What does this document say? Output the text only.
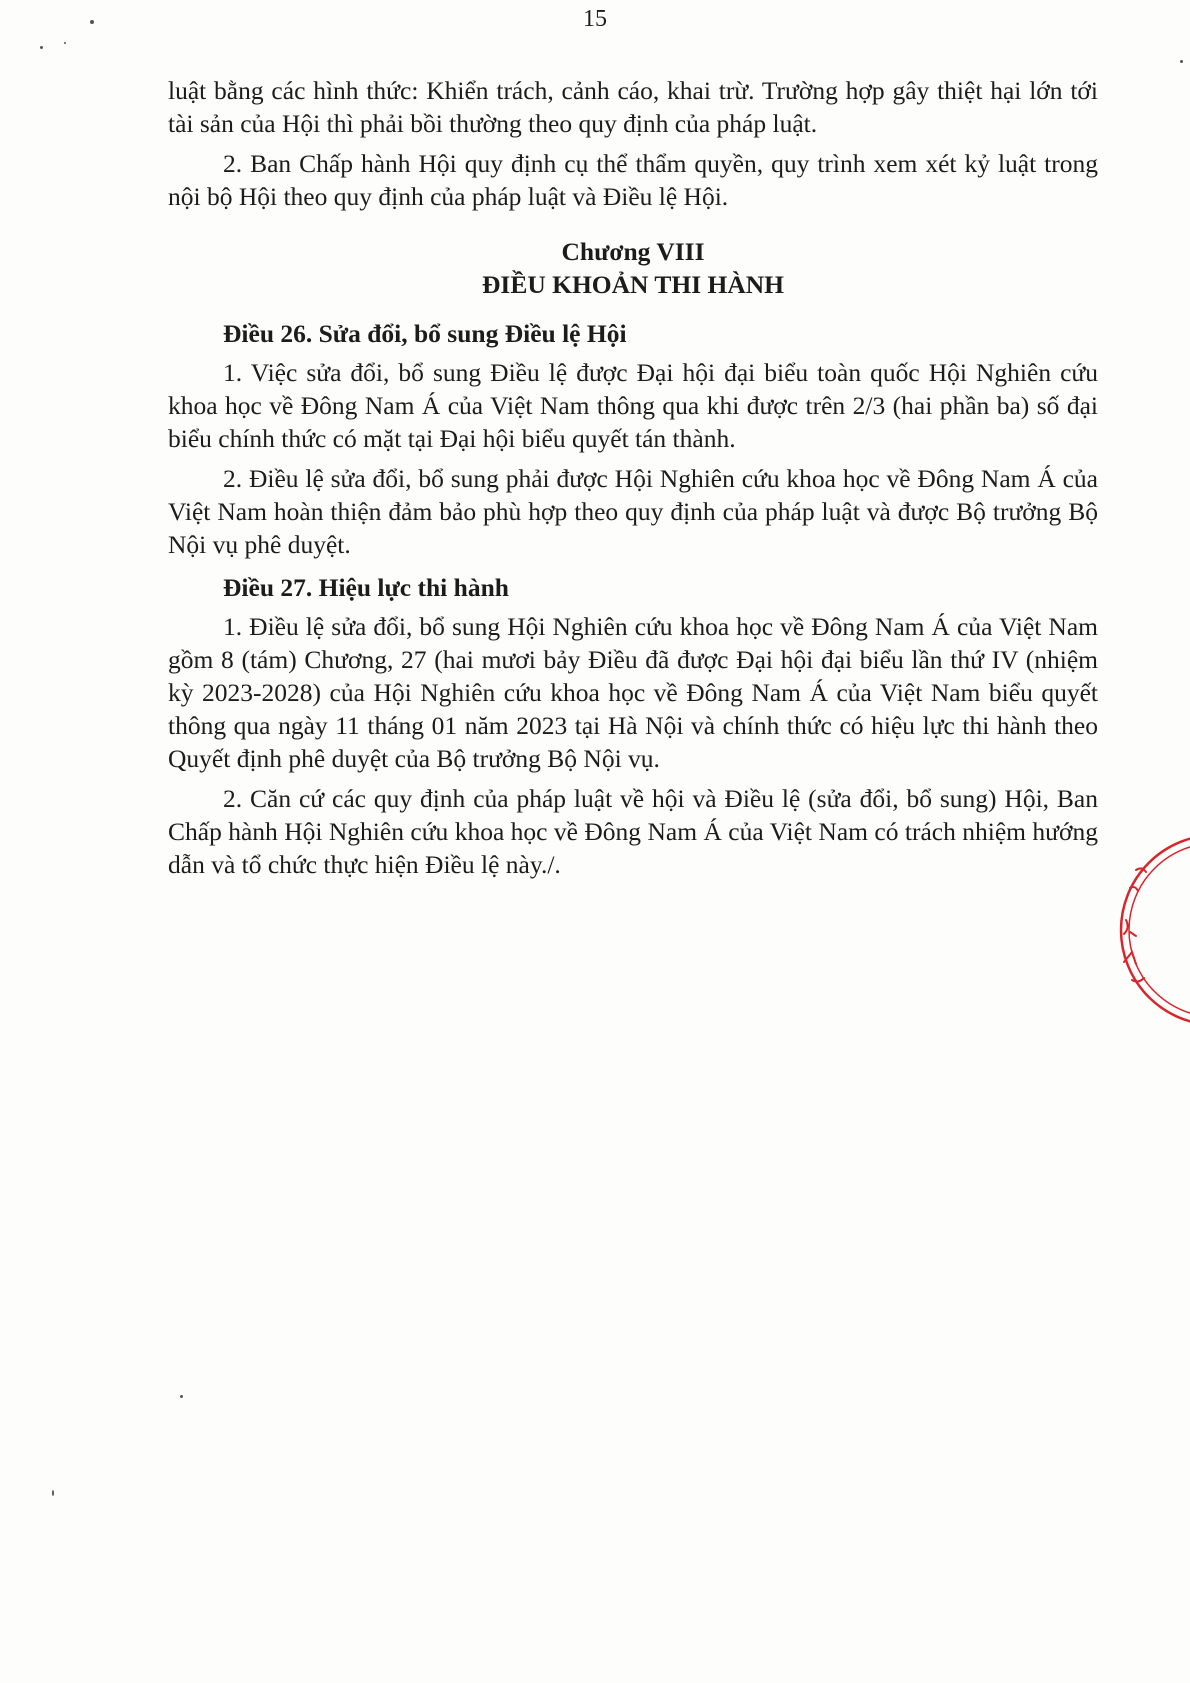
15

luật bằng các hình thức: Khiển trách, cảnh cáo, khai trừ. Trường hợp gây thiệt hại lớn tới tài sản của Hội thì phải bồi thường theo quy định của pháp luật.

2. Ban Chấp hành Hội quy định cụ thể thẩm quyền, quy trình xem xét kỷ luật trong nội bộ Hội theo quy định của pháp luật và Điều lệ Hội.

Chương VIII
ĐIỀU KHOẢN THI HÀNH
Điều 26. Sửa đổi, bổ sung Điều lệ Hội

1. Việc sửa đổi, bổ sung Điều lệ được Đại hội đại biểu toàn quốc Hội Nghiên cứu khoa học về Đông Nam Á của Việt Nam thông qua khi được trên 2/3 (hai phần ba) số đại biểu chính thức có mặt tại Đại hội biểu quyết tán thành.

2. Điều lệ sửa đổi, bổ sung phải được Hội Nghiên cứu khoa học về Đông Nam Á của Việt Nam hoàn thiện đảm bảo phù hợp theo quy định của pháp luật và được Bộ trưởng Bộ Nội vụ phê duyệt.

Điều 27. Hiệu lực thi hành

1. Điều lệ sửa đổi, bổ sung Hội Nghiên cứu khoa học về Đông Nam Á của Việt Nam gồm 8 (tám) Chương, 27 (hai mươi bảy Điều đã được Đại hội đại biểu lần thứ IV (nhiệm kỳ 2023-2028) của Hội Nghiên cứu khoa học về Đông Nam Á của Việt Nam biểu quyết thông qua ngày 11 tháng 01 năm 2023 tại Hà Nội và chính thức có hiệu lực thi hành theo Quyết định phê duyệt của Bộ trưởng Bộ Nội vụ.

2. Căn cứ các quy định của pháp luật về hội và Điều lệ (sửa đổi, bổ sung) Hội, Ban Chấp hành Hội Nghiên cứu khoa học về Đông Nam Á của Việt Nam có trách nhiệm hướng dẫn và tổ chức thực hiện Điều lệ này./.
